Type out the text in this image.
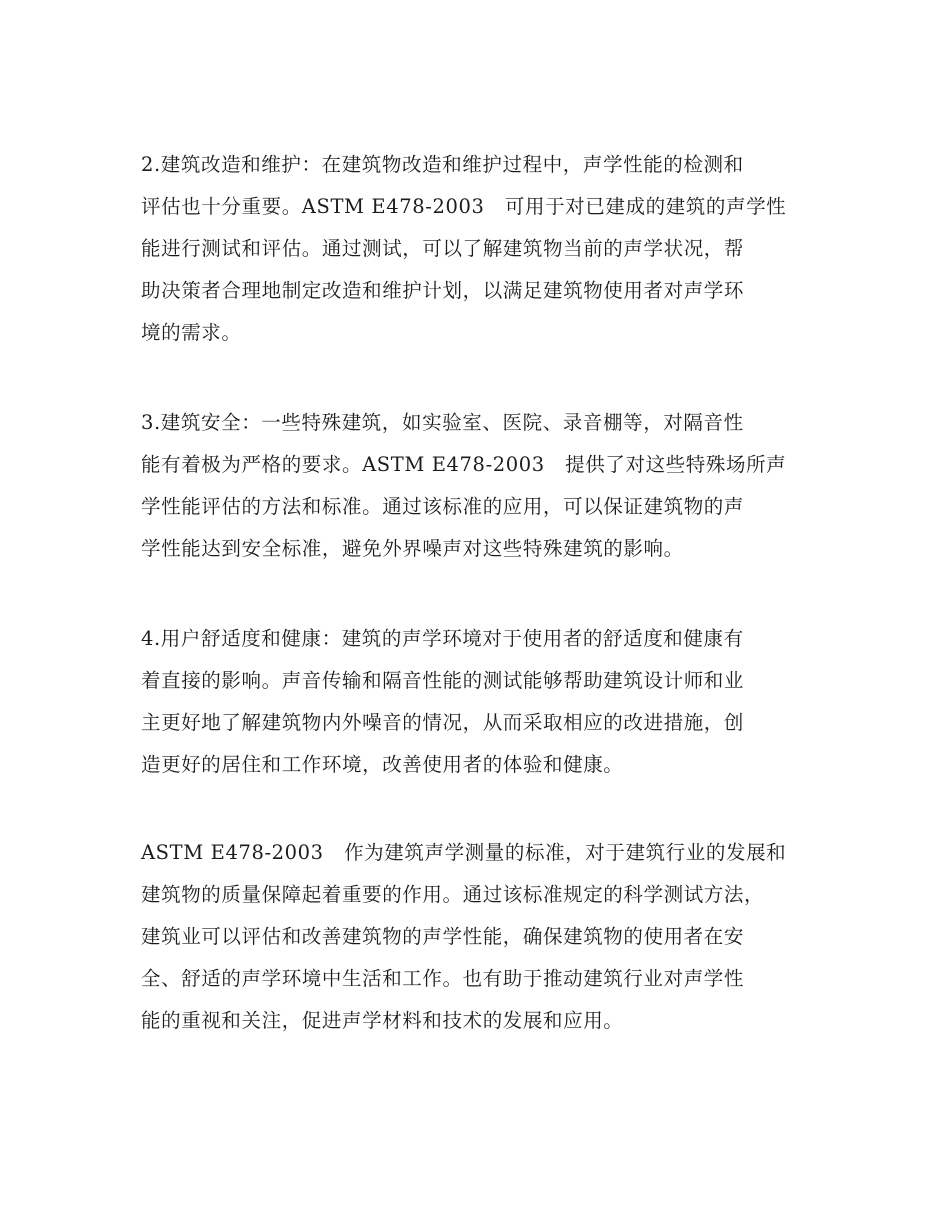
2.建筑改造和维护：在建筑物改造和维护过程中，声学性能的检测和
评估也十分重要。ASTM E478-2003   可用于对已建成的建筑的声学性
能进行测试和评估。通过测试，可以了解建筑物当前的声学状况，帮
助决策者合理地制定改造和维护计划，以满足建筑物使用者对声学环
境的需求。
3.建筑安全：一些特殊建筑，如实验室、医院、录音棚等，对隔音性
能有着极为严格的要求。ASTM E478-2003   提供了对这些特殊场所声
学性能评估的方法和标准。通过该标准的应用，可以保证建筑物的声
学性能达到安全标准，避免外界噪声对这些特殊建筑的影响。
4.用户舒适度和健康：建筑的声学环境对于使用者的舒适度和健康有
着直接的影响。声音传输和隔音性能的测试能够帮助建筑设计师和业
主更好地了解建筑物内外噪音的情况，从而采取相应的改进措施，创
造更好的居住和工作环境，改善使用者的体验和健康。
ASTM E478-2003   作为建筑声学测量的标准，对于建筑行业的发展和
建筑物的质量保障起着重要的作用。通过该标准规定的科学测试方法，
建筑业可以评估和改善建筑物的声学性能，确保建筑物的使用者在安
全、舒适的声学环境中生活和工作。也有助于推动建筑行业对声学性
能的重视和关注，促进声学材料和技术的发展和应用。
